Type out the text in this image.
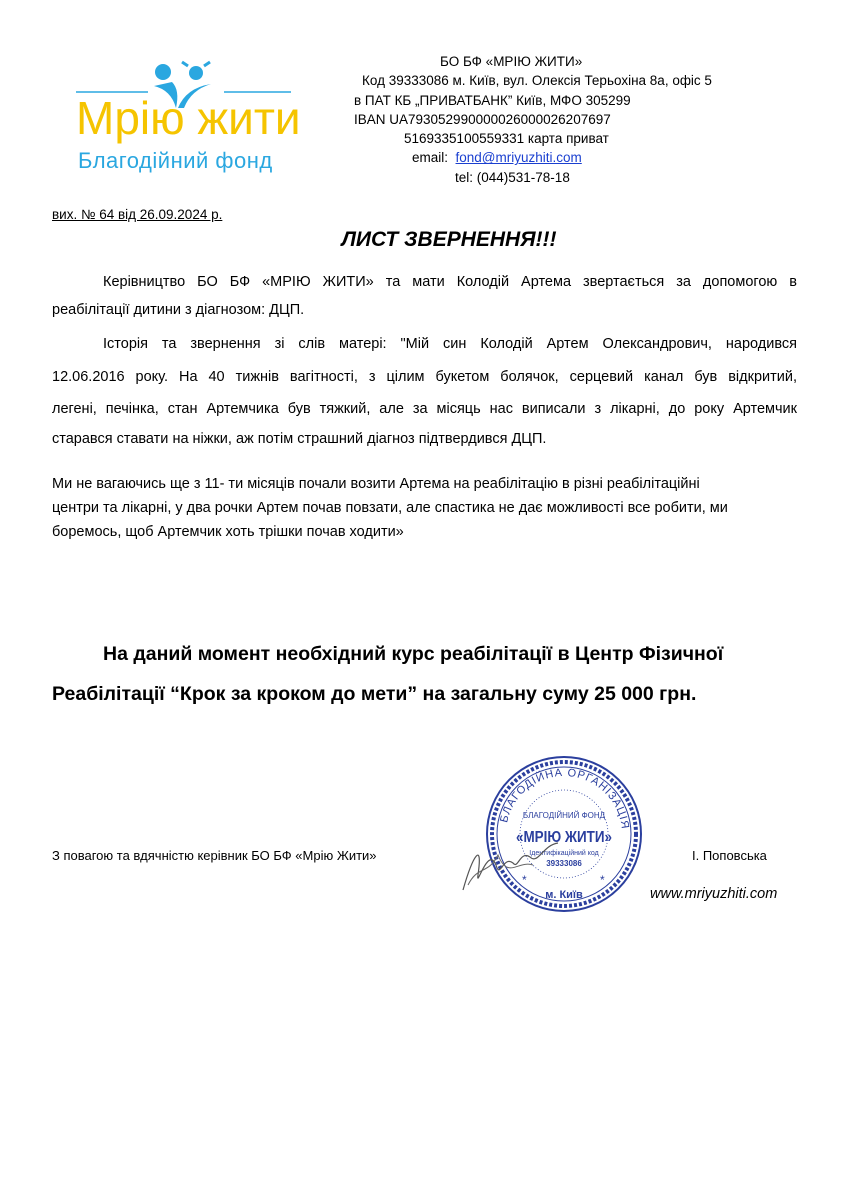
Мрію жити
Благодійний фонд
БО БФ «МРІЮ ЖИТИ»
Код 39333086 м. Київ, вул. Олексія Терьохіна 8а, офіс 5
в ПАТ КБ „ПРИВАТБАНК” Київ, МФО 305299
IBAN UA793052990000026000026207697
5169335100559331 карта приват
email: fond@mriyuzhiti.com
tel: (044)531-78-18
вих. № 64 від 26.09.2024 р.
ЛИСТ ЗВЕРНЕННЯ!!!
Керівництво БО БФ «МРІЮ ЖИТИ» та мати Колодій Артема звертається за допомогою в
реабілітації дитини з діагнозом: ДЦП.
Історія та звернення зі слів матері: "Мій син Колодій Артем Олександрович, народився
12.06.2016 року. На 40 тижнів вагітності, з цілим букетом болячок, серцевий канал був відкритий,
легені, печінка, стан Артемчика був тяжкий, але за місяць нас виписали з лікарні, до року Артемчик
старався ставати на ніжки, аж потім страшний діагноз підтвердився ДЦП.
Ми не вагаючись ще з 11- ти місяців почали возити Артема на реабілітацію в різні реабілітаційні
центри та лікарні, у два рочки Артем почав повзати, але спастика не дає можливості все робити, ми
боремось, щоб Артемчик хоть трішки почав ходити»
На даний момент необхідний курс реабілітації в Центр Фізичної
Реабілітації “Крок за кроком до мети” на загальну суму 25 000 грн.
З повагою та вдячністю керівник БО БФ «Мрію Жити»	І. Поповська
www.mriyuzhiti.com
БЛАГОДІЙНА ОРГАНІЗАЦІЯ
БЛАГОДІЙНИЙ ФОНД
«МРІЮ ЖИТИ»
Ідентифікаційний код
39333086
*	*
м. Київ
